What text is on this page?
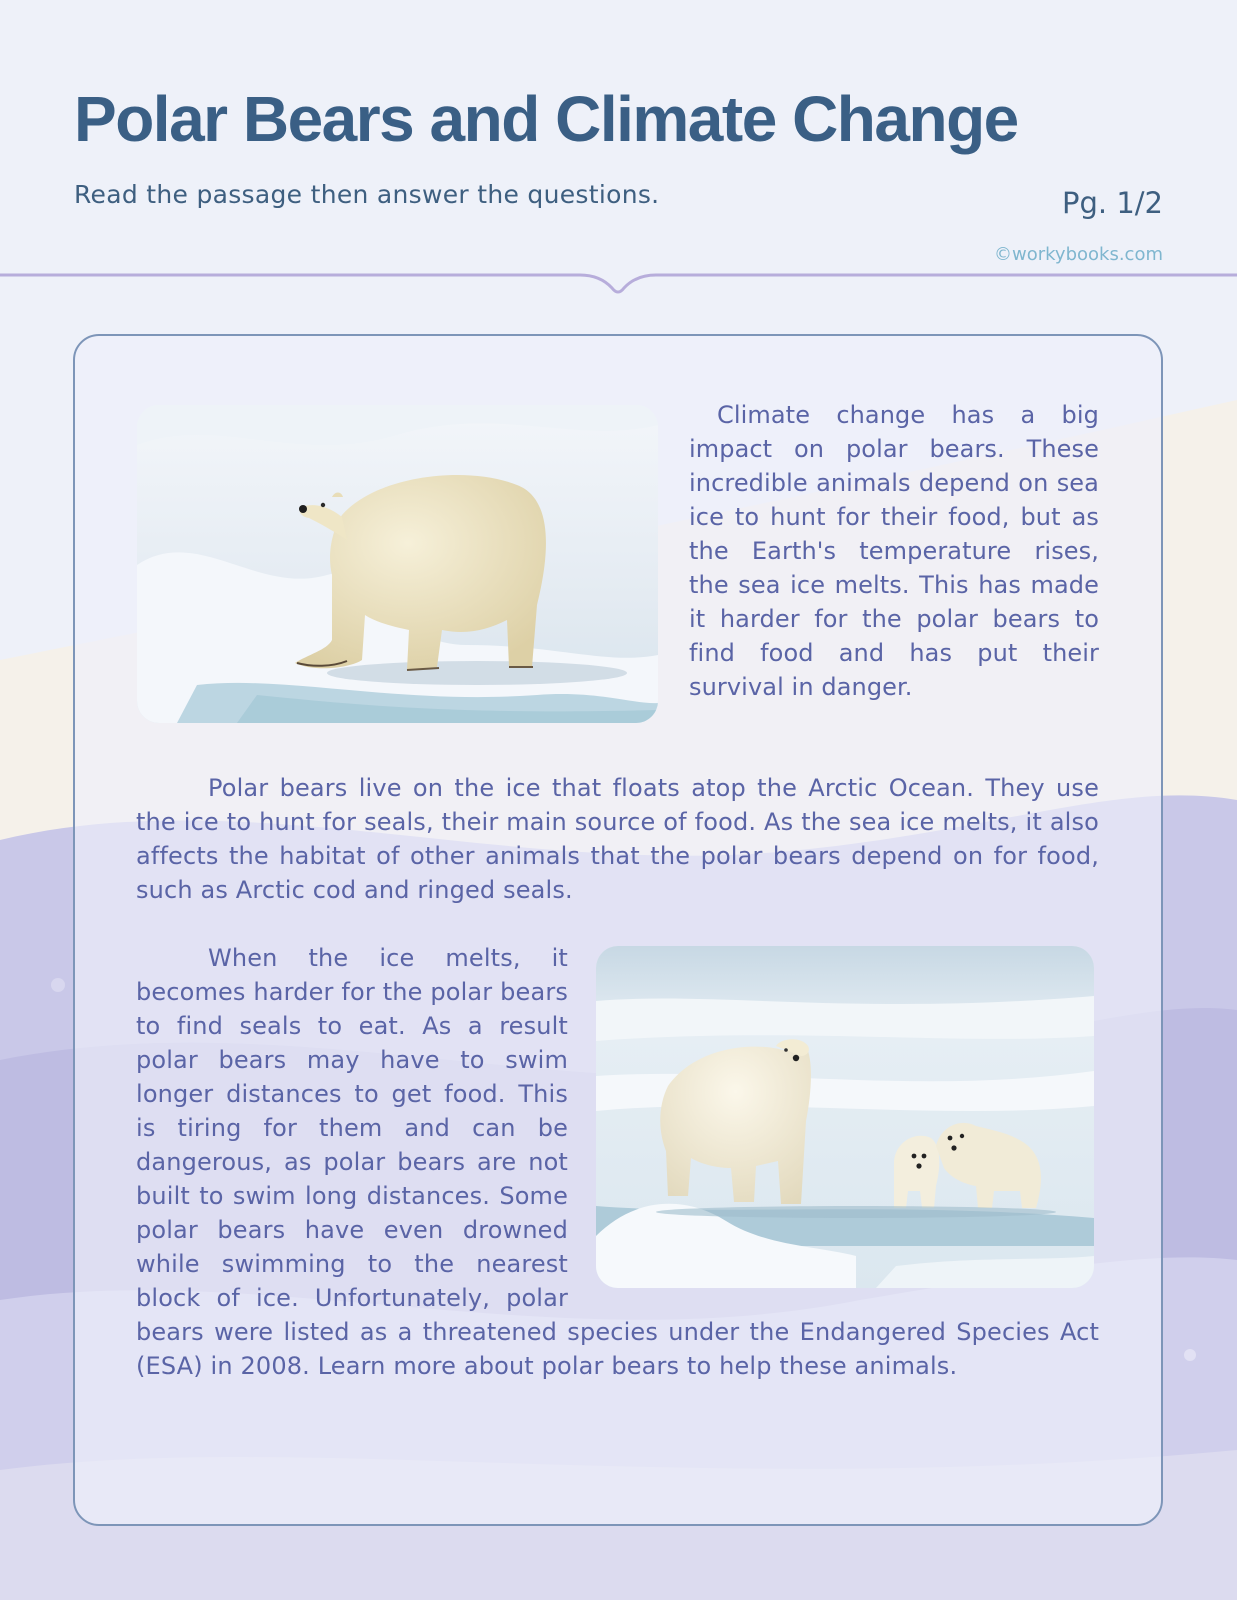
Polar Bears and Climate Change
Read the passage then answer the questions.	Pg. 1/2
©workybooks.com

Climate change has a big impact on polar bears. These incredible animals depend on sea ice to hunt for their food, but as the Earth's temperature rises, the sea ice melts. This has made it harder for the polar bears to find food and has put their survival in danger.

Polar bears live on the ice that floats atop the Arctic Ocean. They use the ice to hunt for seals, their main source of food. As the sea ice melts, it also affects the habitat of other animals that the polar bears depend on for food, such as Arctic cod and ringed seals.

When the ice melts, it becomes harder for the polar bears to find seals to eat. As a result polar bears may have to swim longer distances to get food. This is tiring for them and can be dangerous, as polar bears are not built to swim long distances. Some polar bears have even drowned while swimming to the nearest block of ice. Unfortunately, polar bears were listed as a threatened species under the Endangered Species Act (ESA) in 2008. Learn more about polar bears to help these animals.
